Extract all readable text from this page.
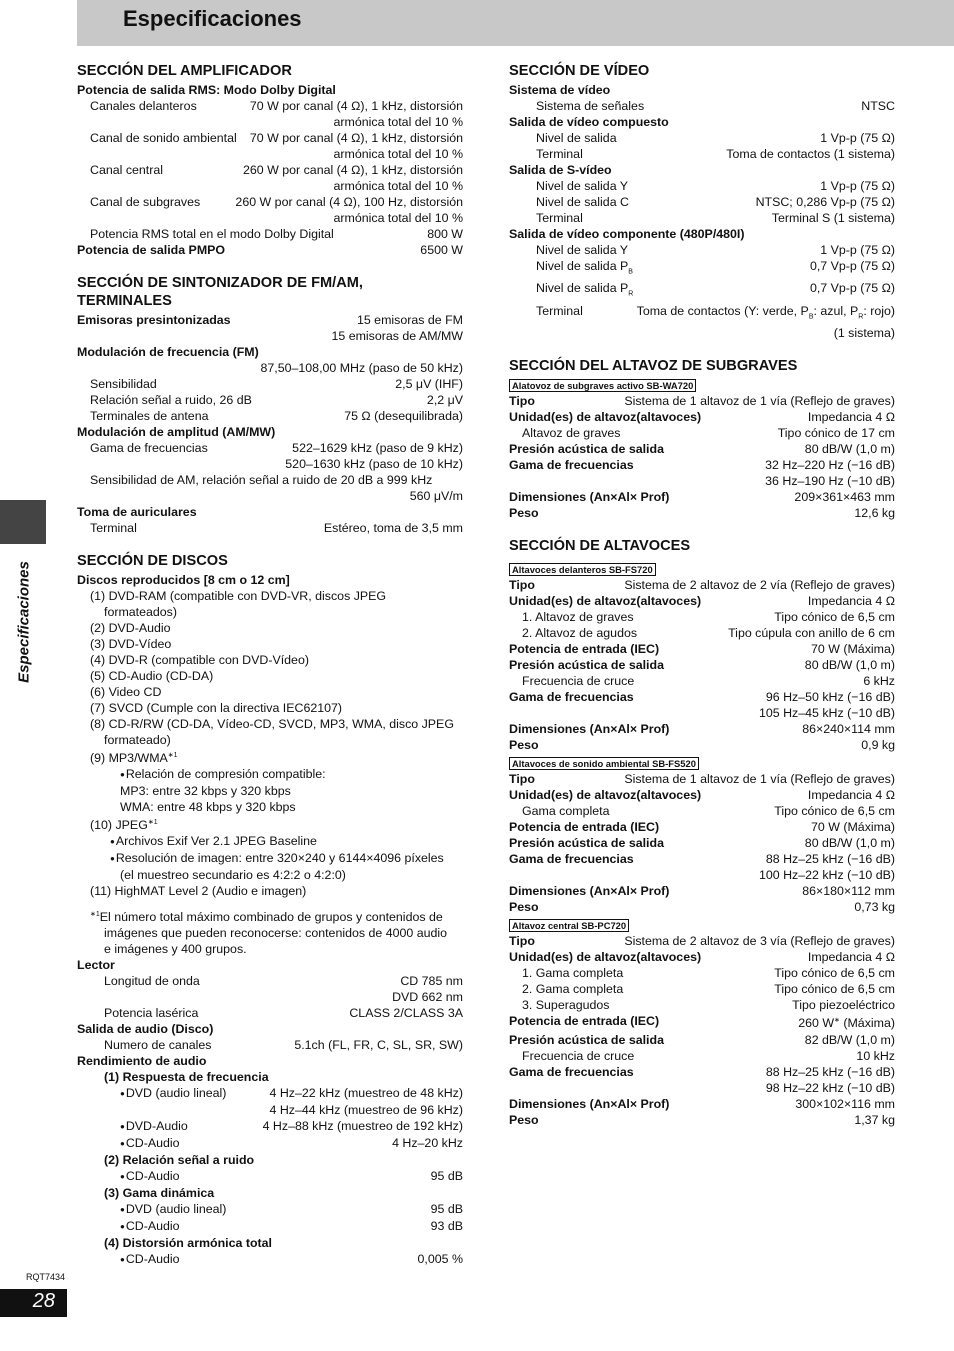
Especificaciones
Especificaciones
RQT7434
28
SECCIÓN DEL AMPLIFICADOR
Potencia de salida RMS: Modo Dolby Digital
Canales delanteros	70 W por canal (4 Ω), 1 kHz, distorsión
armónica total del 10 %
Canal de sonido ambiental 70 W por canal (4 Ω), 1 kHz, distorsión
armónica total del 10 %
Canal central	260 W por canal (4 Ω), 1 kHz, distorsión
armónica total del 10 %
Canal de subgraves	260 W por canal (4 Ω), 100 Hz, distorsión
armónica total del 10 %
Potencia RMS total en el modo Dolby Digital	800 W
Potencia de salida PMPO	6500 W
SECCIÓN DE SINTONIZADOR DE FM/AM,
TERMINALES
Emisoras presintonizadas	15 emisoras de FM
15 emisoras de AM/MW
Modulación de frecuencia (FM)
87,50–108,00 MHz (paso de 50 kHz)
Sensibilidad	2,5 μV (IHF)
Relación señal a ruido, 26 dB	2,2 μV
Terminales de antena	75 Ω (desequilibrada)
Modulación de amplitud (AM/MW)
Gama de frecuencias	522–1629 kHz (paso de 9 kHz)
520–1630 kHz (paso de 10 kHz)
Sensibilidad de AM, relación señal a ruido de 20 dB a 999 kHz
560 μV/m
Toma de auriculares
Terminal	Estéreo, toma de 3,5 mm
SECCIÓN DE DISCOS
Discos reproducidos [8 cm o 12 cm]
(1) DVD-RAM (compatible con DVD-VR, discos JPEG
formateados)
(2) DVD-Audio
(3) DVD-Vídeo
(4) DVD-R (compatible con DVD-Vídeo)
(5) CD-Audio (CD-DA)
(6) Video CD
(7) SVCD (Cumple con la directiva IEC62107)
(8) CD-R/RW (CD-DA, Vídeo-CD, SVCD, MP3, WMA, disco JPEG
formateado)
(9) $MP3/WMA^{∗1}$
● Relación de compresión compatible:
MP3: entre 32 kbps y 320 kbps
WMA: entre 48 kbps y 320 kbps
(10) $JPEG^{∗1}$
● Archivos Exif Ver 2.1 JPEG Baseline
● Resolución de imagen: entre 320×240 y 6144×4096 píxeles
(el muestreo secundario es 4:2:2 o 4:2:0)
(11) HighMAT Level 2 (Audio e imagen)
$^{∗1}$El número total máximo combinado de grupos y contenidos de
imágenes que pueden reconocerse: contenidos de 4000 audio
e imágenes y 400 grupos.
Lector
Longitud de onda	CD 785 nm
DVD 662 nm
Potencia lasérica	CLASS 2/CLASS 3A
Salida de audio (Disco)
Numero de canales	5.1ch (FL, FR, C, SL, SR, SW)
Rendimiento de audio
(1) Respuesta de frecuencia
● DVD (audio lineal)	4 Hz–22 kHz (muestreo de 48 kHz)
4 Hz–44 kHz (muestreo de 96 kHz)
● DVD-Audio	4 Hz–88 kHz (muestreo de 192 kHz)
● CD-Audio	4 Hz–20 kHz
(2) Relación señal a ruido
● CD-Audio	95 dB
(3) Gama dinámica
● DVD (audio lineal)	95 dB
● CD-Audio	93 dB
(4) Distorsión armónica total
● CD-Audio	0,005 %
SECCIÓN DE VÍDEO
Sistema de vídeo
Sistema de señales	NTSC
Salida de vídeo compuesto
Nivel de salida	1 Vp-p (75 Ω)
Terminal	Toma de contactos (1 sistema)
Salida de S-vídeo
Nivel de salida Y	1 Vp-p (75 Ω)
Nivel de salida C	NTSC; 0,286 Vp-p (75 Ω)
Terminal	Terminal S (1 sistema)
Salida de vídeo componente (480P/480I)
Nivel de salida Y	1 Vp-p (75 Ω)
Nivel de salida $P_B$	0,7 Vp-p (75 Ω)
Nivel de salida $P_R$	0,7 Vp-p (75 Ω)
Terminal	Toma de contactos (Y: verde, $P_B$: azul, $P_R$: rojo)
(1 sistema)
SECCIÓN DEL ALTAVOZ DE SUBGRAVES
Alatovoz de subgraves activo SB-WA720
Tipo	Sistema de 1 altavoz de 1 vía (Reflejo de graves)
Unidad(es) de altavoz(altavoces)	Impedancia 4 Ω
Altavoz de graves	Tipo cónico de 17 cm
Presión acústica de salida	80 dB/W (1,0 m)
Gama de frecuencias	32 Hz–220 Hz (−16 dB)
36 Hz–190 Hz (−10 dB)
Dimensiones (An×Al× Prof)	209×361×463 mm
Peso	12,6 kg
SECCIÓN DE ALTAVOCES
Altavoces delanteros SB-FS720
Tipo	Sistema de 2 altavoz de 2 vía (Reflejo de graves)
Unidad(es) de altavoz(altavoces)	Impedancia 4 Ω
1. Altavoz de graves	Tipo cónico de 6,5 cm
2. Altavoz de agudos	Tipo cúpula con anillo de 6 cm
Potencia de entrada (IEC)	70 W (Máxima)
Presión acústica de salida	80 dB/W (1,0 m)
Frecuencia de cruce	6 kHz
Gama de frecuencias	96 Hz–50 kHz (−16 dB)
105 Hz–45 kHz (−10 dB)
Dimensiones (An×Al× Prof)	86×240×114 mm
Peso	0,9 kg
Altavoces de sonido ambiental SB-FS520
Tipo	Sistema de 1 altavoz de 1 vía (Reflejo de graves)
Unidad(es) de altavoz(altavoces)	Impedancia 4 Ω
Gama completa	Tipo cónico de 6,5 cm
Potencia de entrada (IEC)	70 W (Máxima)
Presión acústica de salida	80 dB/W (1,0 m)
Gama de frecuencias	88 Hz–25 kHz (−16 dB)
100 Hz–22 kHz (−10 dB)
Dimensiones (An×Al× Prof)	86×180×112 mm
Peso	0,73 kg
Altavoz central SB-PC720
Tipo	Sistema de 2 altavoz de 3 vía (Reflejo de graves)
Unidad(es) de altavoz(altavoces)	Impedancia 4 Ω
1. Gama completa	Tipo cónico de 6,5 cm
2. Gama completa	Tipo cónico de 6,5 cm
3. Superagudos	Tipo piezoeléctrico
Potencia de entrada (IEC)	260 W∗ (Máxima)
Presión acústica de salida	82 dB/W (1,0 m)
Frecuencia de cruce	10 kHz
Gama de frecuencias	88 Hz–25 kHz (−16 dB)
98 Hz–22 kHz (−10 dB)
Dimensiones (An×Al× Prof)	300×102×116 mm
Peso	1,37 kg
